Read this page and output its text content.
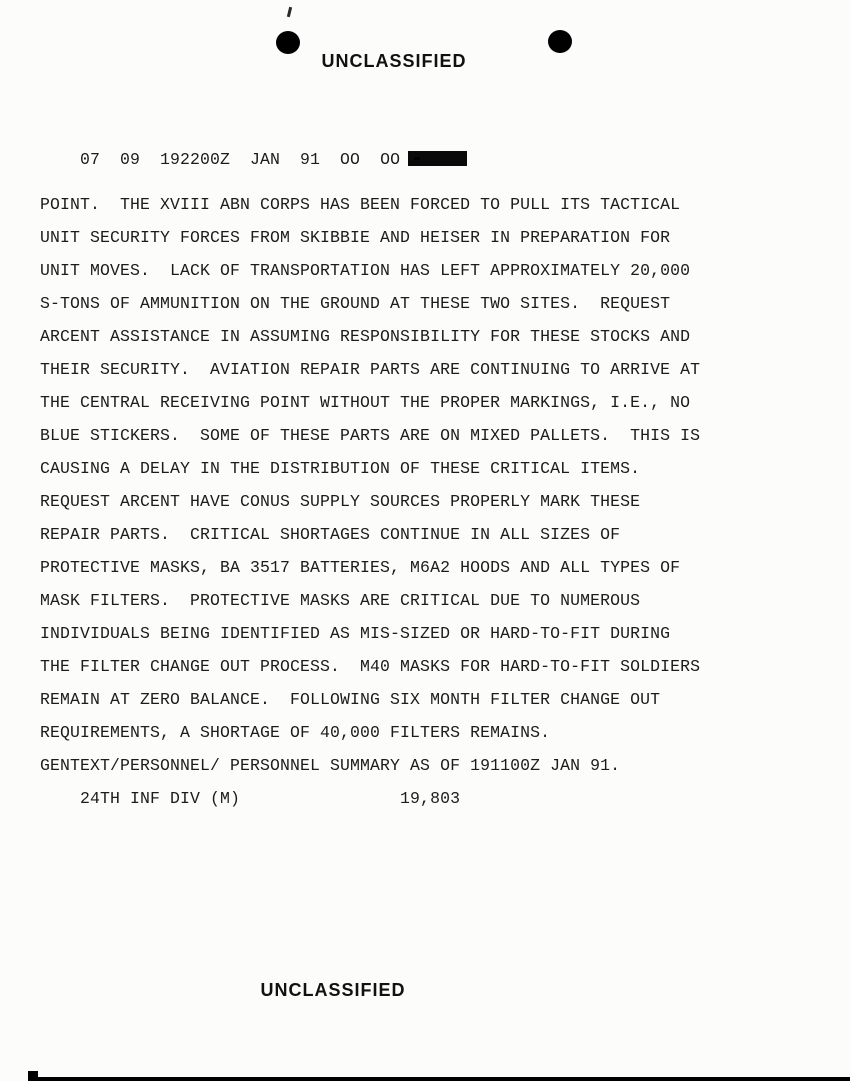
UNCLASSIFIED

07  09  192200Z  JAN  91  OO  OO 8888

POINT.  THE XVIII ABN CORPS HAS BEEN FORCED TO PULL ITS TACTICAL
UNIT SECURITY FORCES FROM SKIBBIE AND HEISER IN PREPARATION FOR
UNIT MOVES.  LACK OF TRANSPORTATION HAS LEFT APPROXIMATELY 20,000
S-TONS OF AMMUNITION ON THE GROUND AT THESE TWO SITES.  REQUEST
ARCENT ASSISTANCE IN ASSUMING RESPONSIBILITY FOR THESE STOCKS AND
THEIR SECURITY.  AVIATION REPAIR PARTS ARE CONTINUING TO ARRIVE AT
THE CENTRAL RECEIVING POINT WITHOUT THE PROPER MARKINGS, I.E., NO
BLUE STICKERS.  SOME OF THESE PARTS ARE ON MIXED PALLETS.  THIS IS
CAUSING A DELAY IN THE DISTRIBUTION OF THESE CRITICAL ITEMS.
REQUEST ARCENT HAVE CONUS SUPPLY SOURCES PROPERLY MARK THESE
REPAIR PARTS.  CRITICAL SHORTAGES CONTINUE IN ALL SIZES OF
PROTECTIVE MASKS, BA 3517 BATTERIES, M6A2 HOODS AND ALL TYPES OF
MASK FILTERS.  PROTECTIVE MASKS ARE CRITICAL DUE TO NUMEROUS
INDIVIDUALS BEING IDENTIFIED AS MIS-SIZED OR HARD-TO-FIT DURING
THE FILTER CHANGE OUT PROCESS.  M40 MASKS FOR HARD-TO-FIT SOLDIERS
REMAIN AT ZERO BALANCE.  FOLLOWING SIX MONTH FILTER CHANGE OUT
REQUIREMENTS, A SHORTAGE OF 40,000 FILTERS REMAINS.
GENTEXT/PERSONNEL/ PERSONNEL SUMMARY AS OF 191100Z JAN 91.
24TH INF DIV (M)                19,803
UNCLASSIFIED
